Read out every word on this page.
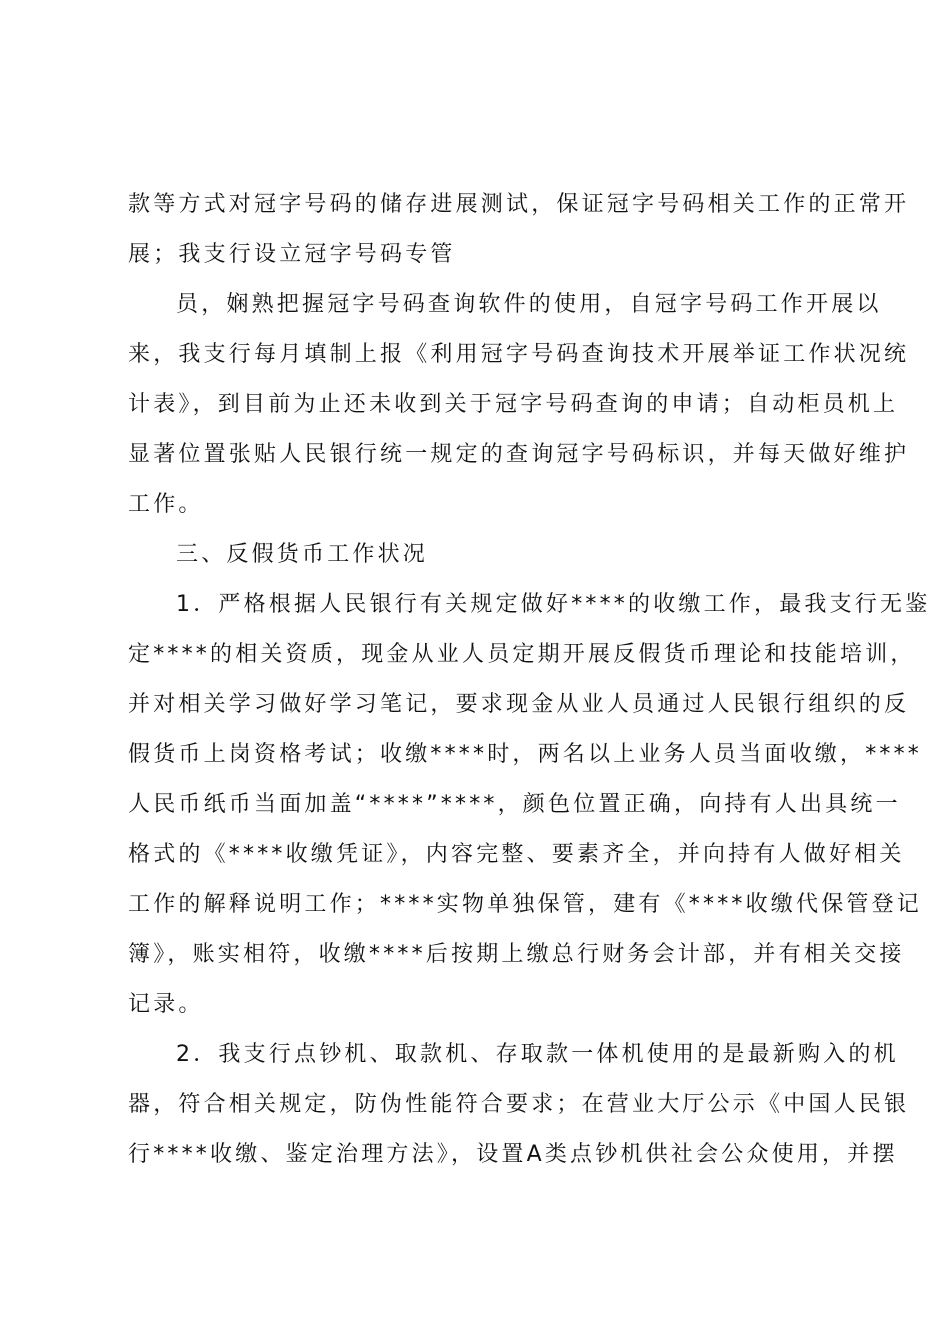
款等方式对冠字号码的储存进展测试，保证冠字号码相关工作的正常开
展；我支行设立冠字号码专管
员，娴熟把握冠字号码查询软件的使用，自冠字号码工作开展以
来，我支行每月填制上报《利用冠字号码查询技术开展举证工作状况统
计表》，到目前为止还未收到关于冠字号码查询的申请；自动柜员机上
显著位置张贴人民银行统一规定的查询冠字号码标识，并每天做好维护
工作。
三、反假货币工作状况
1．严格根据人民银行有关规定做好****的收缴工作，最我支行无鉴
定****的相关资质，现金从业人员定期开展反假货币理论和技能培训，
并对相关学习做好学习笔记，要求现金从业人员通过人民银行组织的反
假货币上岗资格考试；收缴****时，两名以上业务人员当面收缴，****
人民币纸币当面加盖“****”****，颜色位置正确，向持有人出具统一
格式的《****收缴凭证》，内容完整、要素齐全，并向持有人做好相关
工作的解释说明工作；****实物单独保管，建有《****收缴代保管登记
簿》，账实相符，收缴****后按期上缴总行财务会计部，并有相关交接
记录。
2．我支行点钞机、取款机、存取款一体机使用的是最新购入的机
器，符合相关规定，防伪性能符合要求；在营业大厅公示《中国人民银
行****收缴、鉴定治理方法》，设置A类点钞机供社会公众使用，并摆
